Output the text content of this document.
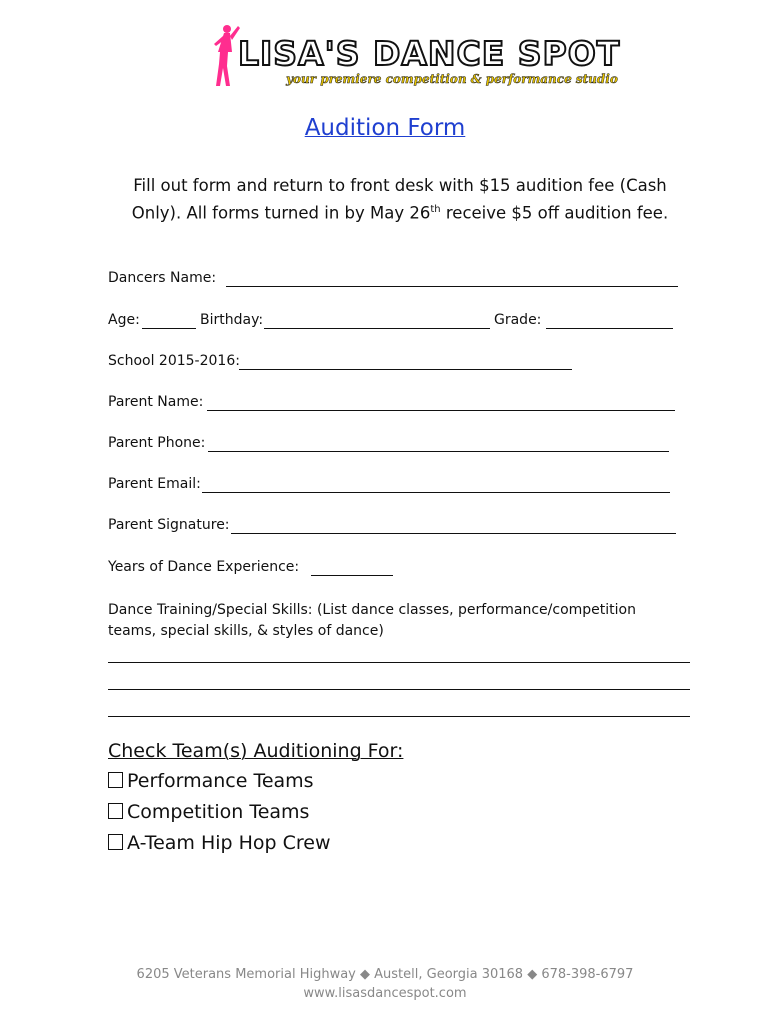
LISA'S DANCE SPOT
your premiere competition & performance studio
Audition Form
Fill out form and return to front desk with $15 audition fee (Cash
Only). All forms turned in by May 26th receive $5 off audition fee.
Dancers Name:
Age:	Birthday:	Grade:
School 2015-2016:
Parent Name:
Parent Phone:
Parent Email:
Parent Signature:
Years of Dance Experience:
Dance Training/Special Skills: (List dance classes, performance/competition teams, special skills, & styles of dance)
Check Team(s) Auditioning For:
Performance Teams
Competition Teams
A-Team Hip Hop Crew
6205 Veterans Memorial Highway ◆ Austell, Georgia 30168 ◆ 678-398-6797
www.lisasdancespot.com
